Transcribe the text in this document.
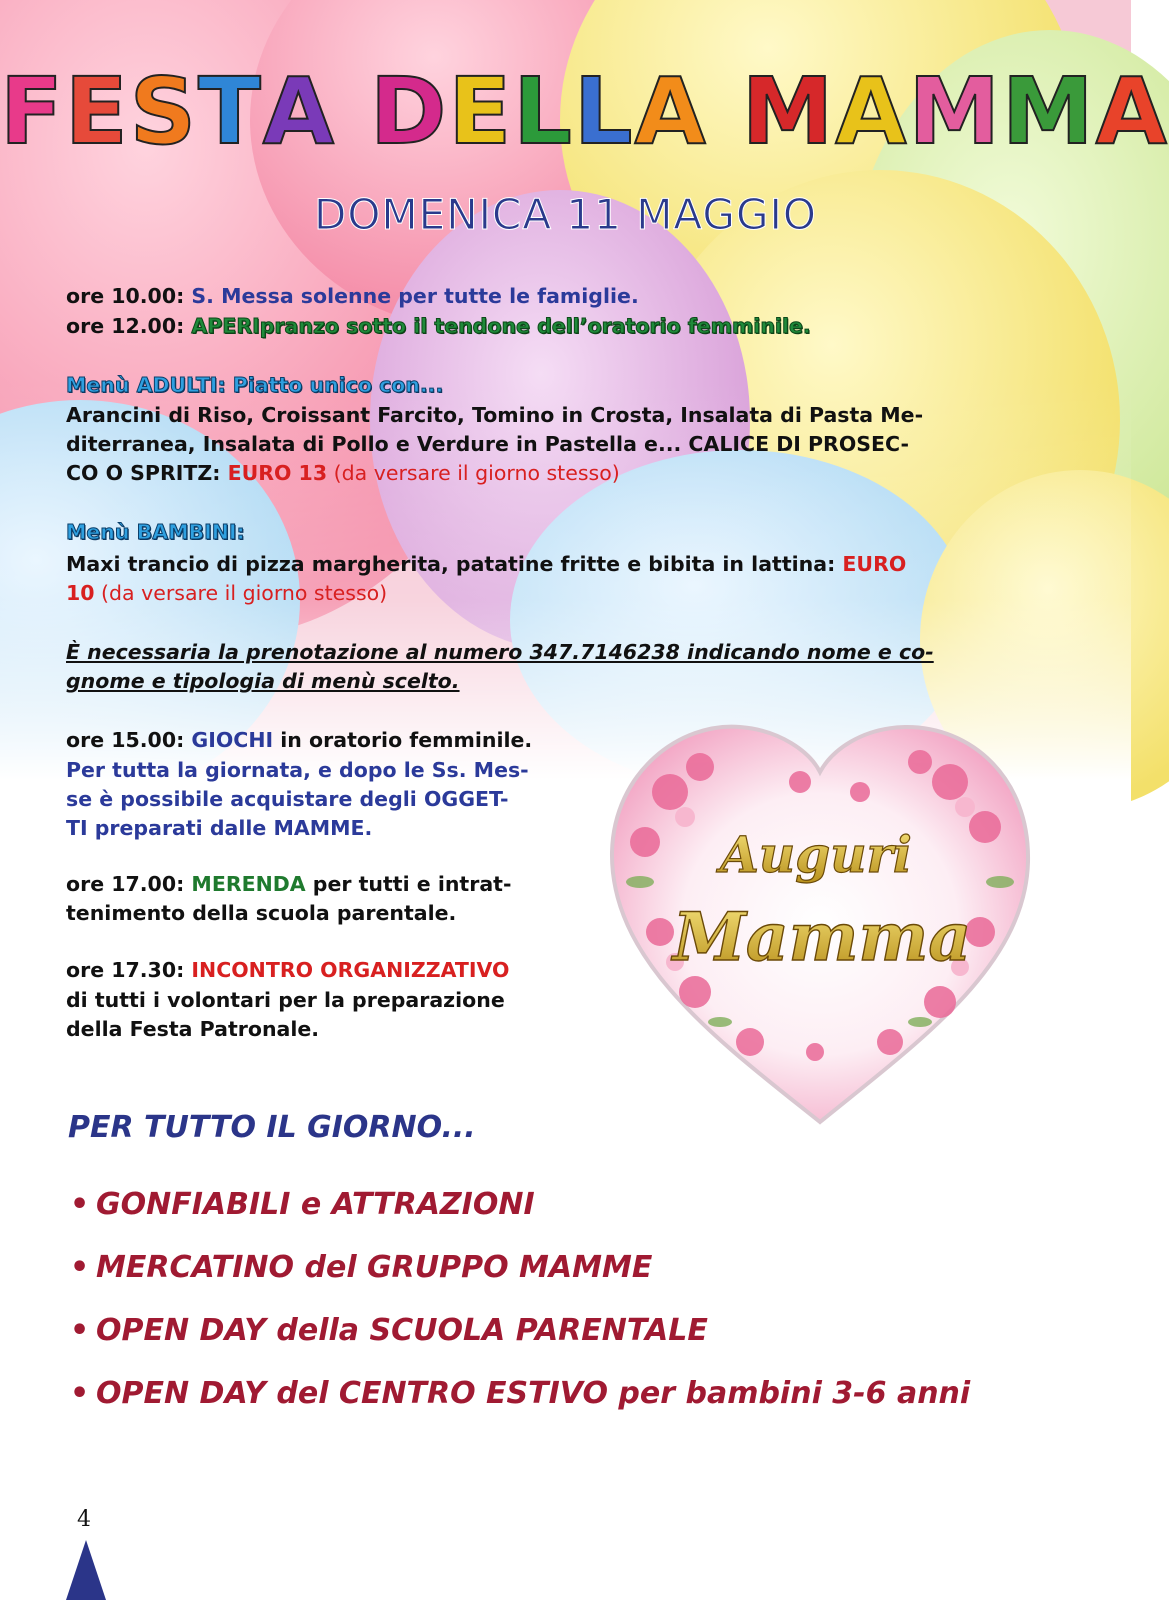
FESTA DELLA MAMMA
DOMENICA 11 MAGGIO
ore 10.00: S. Messa solenne per tutte le famiglie.
ore 12.00: APERIpranzo sotto il tendone dell’oratorio femminile.
Menù ADULTI: Piatto unico con...
Arancini di Riso, Croissant Farcito, Tomino in Crosta, Insalata di Pasta Me-
diterranea, Insalata di Pollo e Verdure in Pastella e... CALICE DI PROSEC-
CO O SPRITZ: EURO 13 (da versare il giorno stesso)
Menù BAMBINI:
Maxi trancio di pizza margherita, patatine fritte e bibita in lattina: EURO
10 (da versare il giorno stesso)
È necessaria la prenotazione al numero 347.7146238 indicando nome e co-
gnome e tipologia di menù scelto.
ore 15.00: GIOCHI in oratorio femminile.
Per tutta la giornata, e dopo le Ss. Mes-
se è possibile acquistare degli OGGET-
TI preparati dalle MAMME.
ore 17.00: MERENDA per tutti e intrat-
tenimento della scuola parentale.
ore 17.30: INCONTRO ORGANIZZATIVO
di tutti i volontari per la preparazione
della Festa Patronale.
Auguri
Mamma
PER TUTTO IL GIORNO...
• GONFIABILI e ATTRAZIONI
• MERCATINO del GRUPPO MAMME
• OPEN DAY della SCUOLA PARENTALE
• OPEN DAY del CENTRO ESTIVO per bambini 3-6 anni
4
